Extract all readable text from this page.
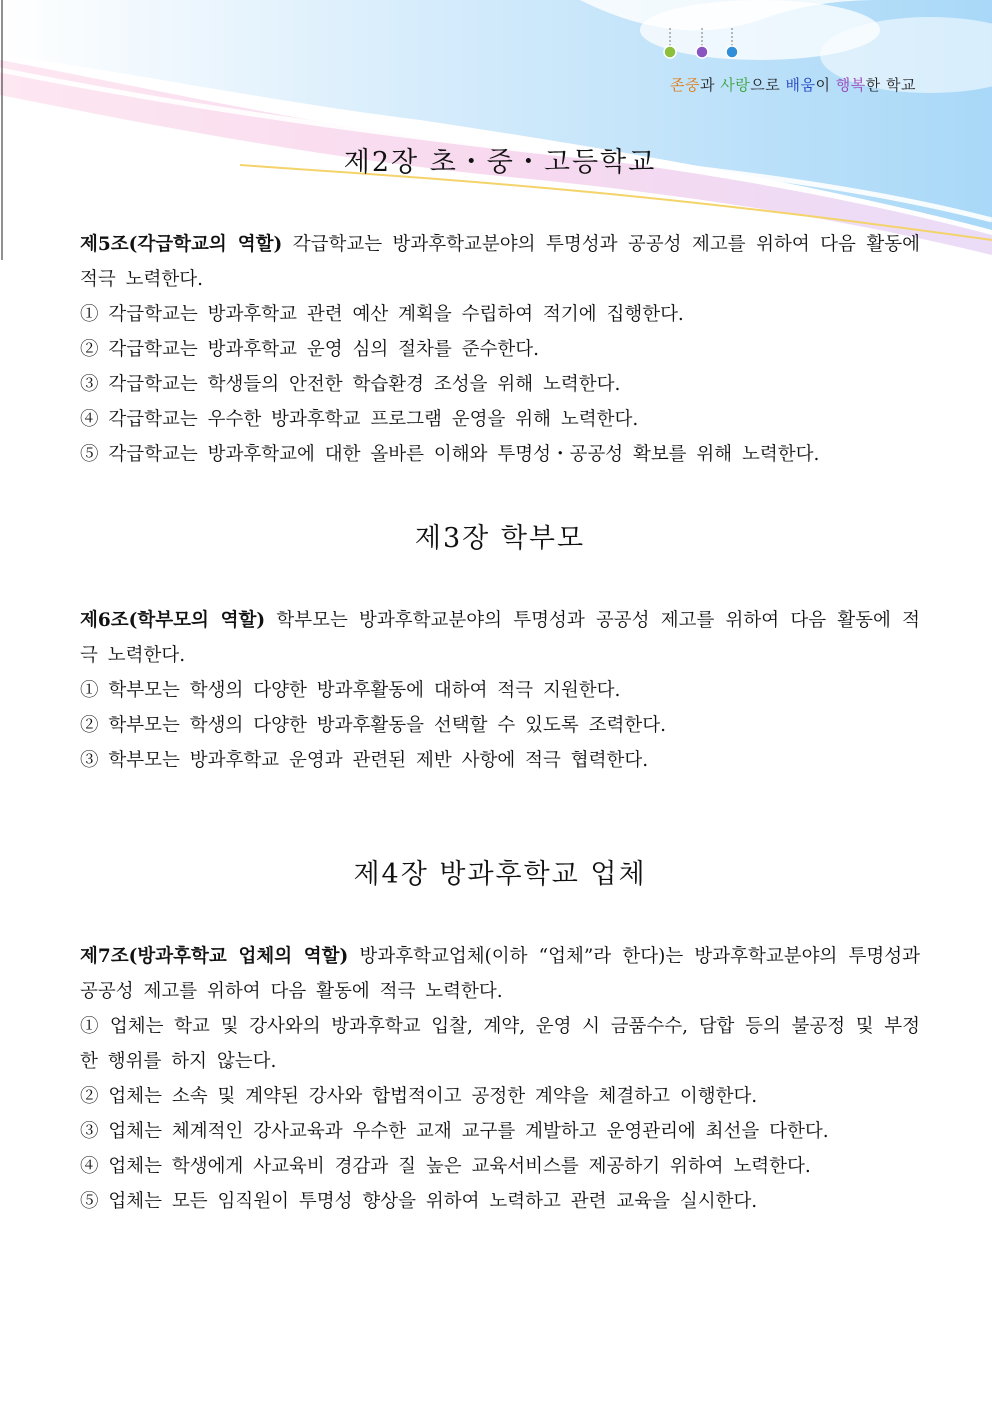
존중과 사랑으로 배움이 행복한 학교
제2장 초・중・고등학교
제5조(각급학교의 역할) 각급학교는 방과후학교분야의 투명성과 공공성 제고를 위하여 다음 활동에 적극 노력한다.
① 각급학교는 방과후학교 관련 예산 계획을 수립하여 적기에 집행한다.
② 각급학교는 방과후학교 운영 심의 절차를 준수한다.
③ 각급학교는 학생들의 안전한 학습환경 조성을 위해 노력한다.
④ 각급학교는 우수한 방과후학교 프로그램 운영을 위해 노력한다.
⑤ 각급학교는 방과후학교에 대한 올바른 이해와 투명성・공공성 확보를 위해 노력한다.
제3장 학부모
제6조(학부모의 역할) 학부모는 방과후학교분야의 투명성과 공공성 제고를 위하여 다음 활동에 적극 노력한다.
① 학부모는 학생의 다양한 방과후활동에 대하여 적극 지원한다.
② 학부모는 학생의 다양한 방과후활동을 선택할 수 있도록 조력한다.
③ 학부모는 방과후학교 운영과 관련된 제반 사항에 적극 협력한다.
제4장 방과후학교 업체
제7조(방과후학교 업체의 역할) 방과후학교업체(이하 “업체”라 한다)는 방과후학교분야의 투명성과 공공성 제고를 위하여 다음 활동에 적극 노력한다.
① 업체는 학교 및 강사와의 방과후학교 입찰, 계약, 운영 시 금품수수, 담합 등의 불공정 및 부정한 행위를 하지 않는다.
② 업체는 소속 및 계약된 강사와 합법적이고 공정한 계약을 체결하고 이행한다.
③ 업체는 체계적인 강사교육과 우수한 교재 교구를 계발하고 운영관리에 최선을 다한다.
④ 업체는 학생에게 사교육비 경감과 질 높은 교육서비스를 제공하기 위하여 노력한다.
⑤ 업체는 모든 임직원이 투명성 향상을 위하여 노력하고 관련 교육을 실시한다.
